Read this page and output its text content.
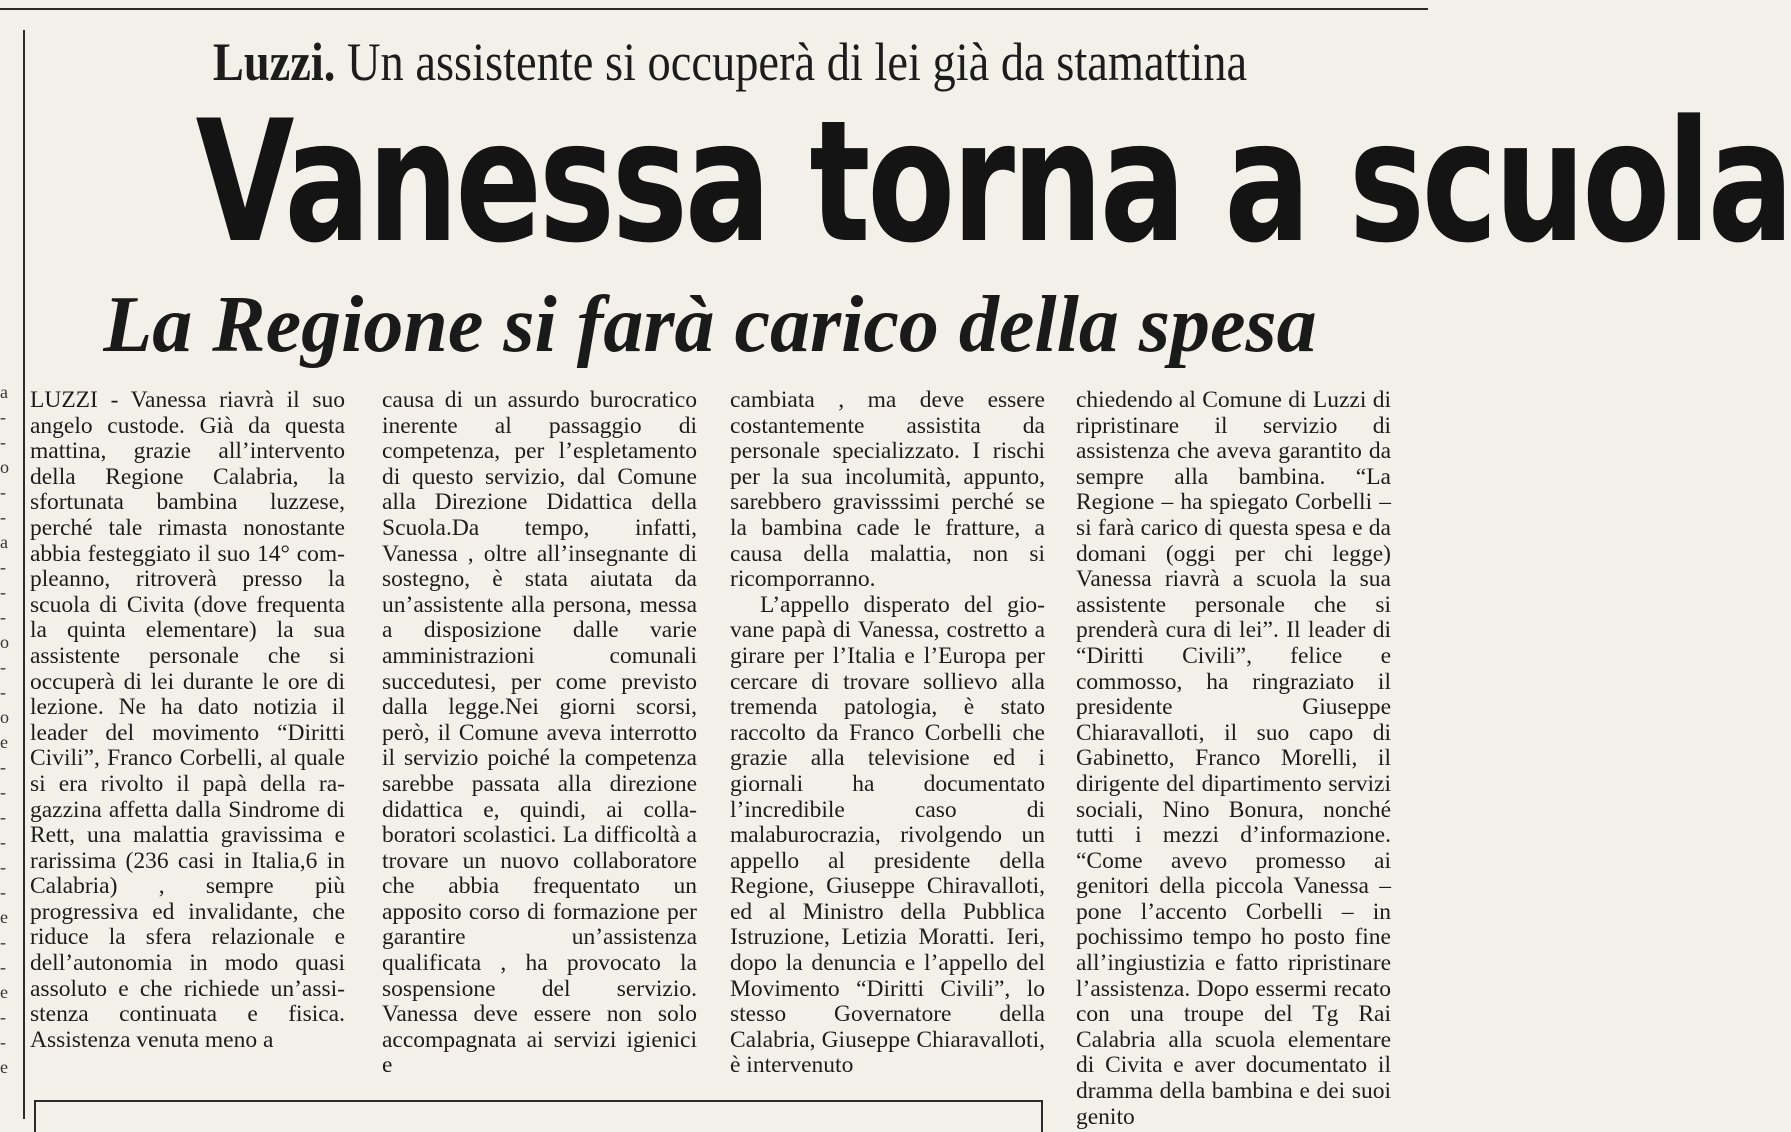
a
-
-
o
-
-
a
-
-
-
o
-
-
o
e
-
-
-
-
-
-
e
-
-
e
-
-
e
Luzzi. Un assistente si occuperà di lei già da stamattina
Vanessa torna a scuola
La Regione si farà carico della spesa

LUZZI - Vanessa riavrà il suo angelo custode. Già da questa mattina, grazie all’intervento della Regione Calabria, la sfortunata bambina luzzese, perché tale rimasta nonostante abbia festeggiato il suo 14° compleanno, ritroverà presso la scuola di Civita (dove frequenta la quinta elementare) la sua assistente personale che si occuperà di lei durante le ore di lezione. Ne ha dato notizia il leader del movimento “Diritti Civili”, Franco Corbelli, al quale si era rivolto il papà della ragazzina affetta dalla Sindrome di Rett, una malattia gravissima e rarissima (236 casi in Italia,6 in Calabria) , sempre più progressiva ed invalidante, che riduce la sfera relazionale e dell’autonomia in modo quasi assoluto e che richiede un’assistenza continuata e fisica. Assistenza venuta meno a

causa di un assurdo burocratico inerente al passaggio di competenza, per l’espletamento di questo servizio, dal Comune alla Direzione Didattica della Scuola.Da tempo, infatti, Vanessa , oltre all’insegnante di sostegno, è stata aiutata da un’assistente alla persona, messa a disposizione dalle varie amministrazioni comunali succedutesi, per come previsto dalla legge.Nei giorni scorsi, però, il Comune aveva interrotto il servizio poiché la competenza sarebbe passata alla direzione didattica e, quindi, ai collaboratori scolastici. La difficoltà a trovare un nuovo collaboratore che abbia frequentato un apposito corso di formazione per garantire un’assistenza qualificata , ha provocato la sospensione del servizio. Vanessa deve essere non solo accompagnata ai servizi igienici e

cambiata , ma deve essere costantemente assistita da personale specializzato. I rischi per la sua incolumità, appunto, sarebbero gravisssimi perché se la bambina cade le fratture, a causa della malattia, non si ricomporranno.

L’appello disperato del giovane papà di Vanessa, costretto a girare per l’Italia e l’Europa per cercare di trovare sollievo alla tremenda patologia, è stato raccolto da Franco Corbelli che grazie alla televisione ed i giornali ha documentato l’incredibile caso di malaburocrazia, rivolgendo un appello al presidente della Regione, Giuseppe Chiravalloti, ed al Ministro della Pubblica Istruzione, Letizia Moratti. Ieri, dopo la denuncia e l’appello del Movimento “Diritti Civili”, lo stesso Governatore della Calabria, Giuseppe Chiaravalloti, è intervenuto

chiedendo al Comune di Luzzi di ripristinare il servizio di assistenza che aveva garantito da sempre alla bambina. “La Regione – ha spiegato Corbelli – si farà carico di questa spesa e da domani (oggi per chi legge) Vanessa riavrà a scuola la sua assistente personale che si prenderà cura di lei”. Il leader di “Diritti Civili”, felice e commosso, ha ringraziato il presidente Giuseppe Chiaravalloti, il suo capo di Gabinetto, Franco Morelli, il dirigente del dipartimento servizi sociali, Nino Bonura, nonché tutti i mezzi d’informazione. “Come avevo promesso ai genitori della piccola Vanessa – pone l’accento Corbelli – in pochissimo tempo ho posto fine all’ingiustizia e fatto ripristinare l’assistenza. Dopo essermi recato con una troupe del Tg Rai Calabria alla scuola elementare di Civita e aver documentato il dramma della bambina e dei suoi genito
